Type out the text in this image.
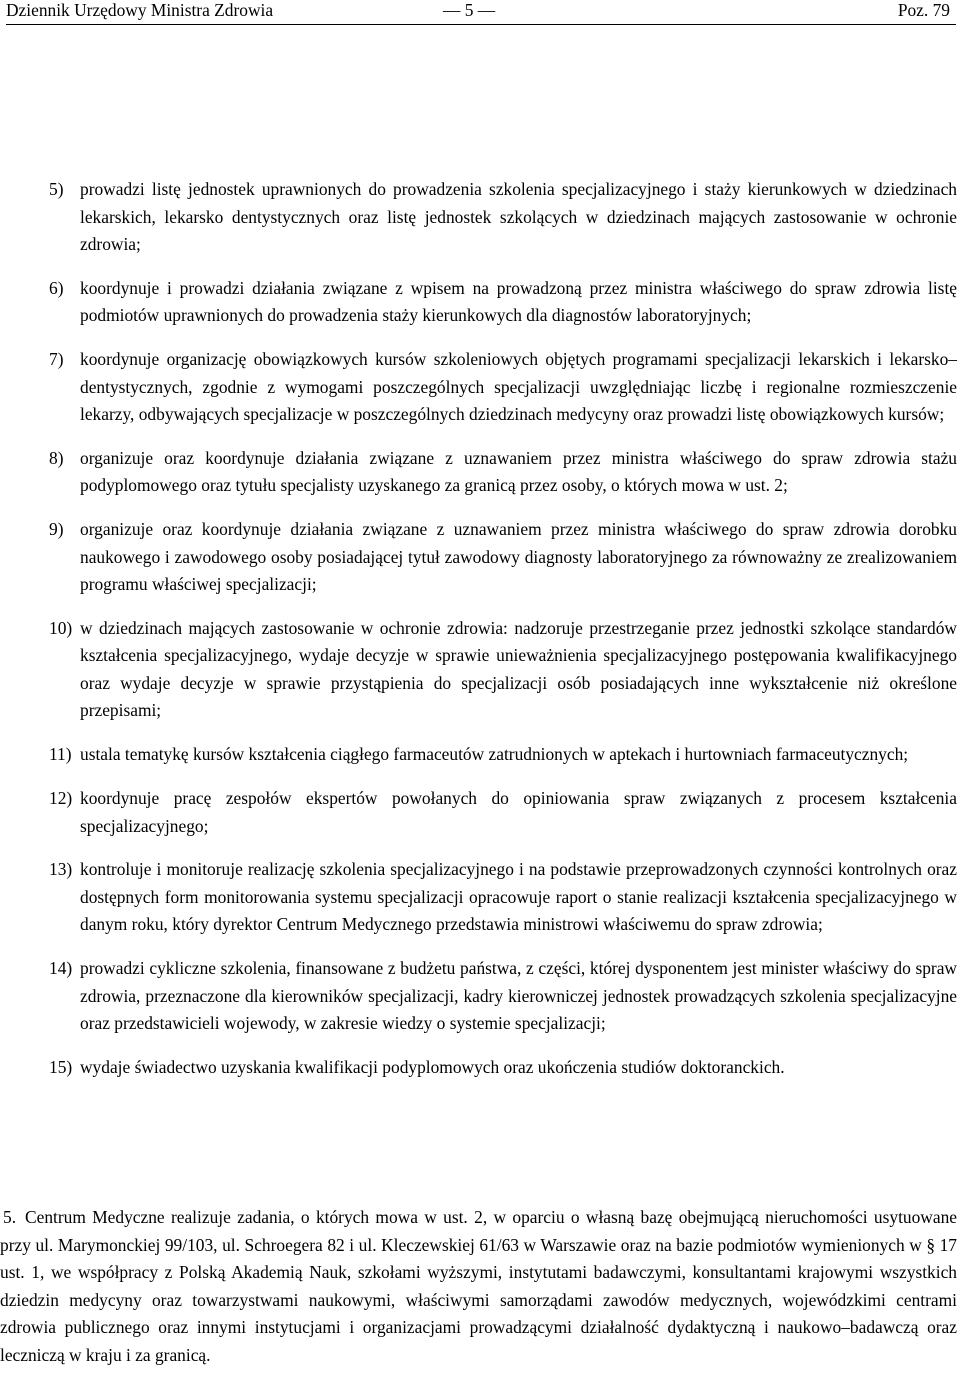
Dziennik Urzędowy Ministra Zdrowia	— 5 —	Poz. 79
5) prowadzi listę jednostek uprawnionych do prowadzenia szkolenia specjalizacyjnego i staży kierunkowych w dziedzinach lekarskich, lekarsko dentystycznych oraz listę jednostek szkolących w dziedzinach mających zastosowanie w ochronie zdrowia;
6) koordynuje i prowadzi działania związane z wpisem na prowadzoną przez ministra właściwego do spraw zdrowia listę podmiotów uprawnionych do prowadzenia staży kierunkowych dla diagnostów laboratoryjnych;
7) koordynuje organizację obowiązkowych kursów szkoleniowych objętych programami specjalizacji lekarskich i lekarsko–dentystycznych, zgodnie z wymogami poszczególnych specjalizacji uwzględniając liczbę i regionalne rozmieszczenie lekarzy, odbywających specjalizacje w poszczególnych dziedzinach medycyny oraz prowadzi listę obowiązkowych kursów;
8) organizuje oraz koordynuje działania związane z uznawaniem przez ministra właściwego do spraw zdrowia stażu podyplomowego oraz tytułu specjalisty uzyskanego za granicą przez osoby, o których mowa w ust. 2;
9) organizuje oraz koordynuje działania związane z uznawaniem przez ministra właściwego do spraw zdrowia dorobku naukowego i zawodowego osoby posiadającej tytuł zawodowy diagnosty laboratoryjnego za równoważny ze zrealizowaniem programu właściwej specjalizacji;
10) w dziedzinach mających zastosowanie w ochronie zdrowia: nadzoruje przestrzeganie przez jednostki szkolące standardów kształcenia specjalizacyjnego, wydaje decyzje w sprawie unieważnienia specjalizacyjnego postępowania kwalifikacyjnego oraz wydaje decyzje w sprawie przystąpienia do specjalizacji osób posiadających inne wykształcenie niż określone przepisami;
11) ustala tematykę kursów kształcenia ciągłego farmaceutów zatrudnionych w aptekach i hurtowniach farmaceutycznych;
12) koordynuje pracę zespołów ekspertów powołanych do opiniowania spraw związanych z procesem kształcenia specjalizacyjnego;
13) kontroluje i monitoruje realizację szkolenia specjalizacyjnego i na podstawie przeprowadzonych czynności kontrolnych oraz dostępnych form monitorowania systemu specjalizacji opracowuje raport o stanie realizacji kształcenia specjalizacyjnego w danym roku, który dyrektor Centrum Medycznego przedstawia ministrowi właściwemu do spraw zdrowia;
14) prowadzi cykliczne szkolenia, finansowane z budżetu państwa, z części, której dysponentem jest minister właściwy do spraw zdrowia, przeznaczone dla kierowników specjalizacji, kadry kierowniczej jednostek prowadzących szkolenia specjalizacyjne oraz przedstawicieli wojewody, w zakresie wiedzy o systemie specjalizacji;
15) wydaje świadectwo uzyskania kwalifikacji podyplomowych oraz ukończenia studiów doktoranckich.
5. Centrum Medyczne realizuje zadania, o których mowa w ust. 2, w oparciu o własną bazę obejmującą nieruchomości usytuowane przy ul. Marymonckiej 99/103, ul. Schroegera 82 i ul. Kleczewskiej 61/63 w Warszawie oraz na bazie podmiotów wymienionych w § 17 ust. 1, we współpracy z Polską Akademią Nauk, szkołami wyższymi, instytutami badawczymi, konsultantami krajowymi wszystkich dziedzin medycyny oraz towarzystwami naukowymi, właściwymi samorządami zawodów medycznych, wojewódzkimi centrami zdrowia publicznego oraz innymi instytucjami i organizacjami prowadzącymi działalność dydaktyczną i naukowo–badawczą oraz leczniczą w kraju i za granicą.
